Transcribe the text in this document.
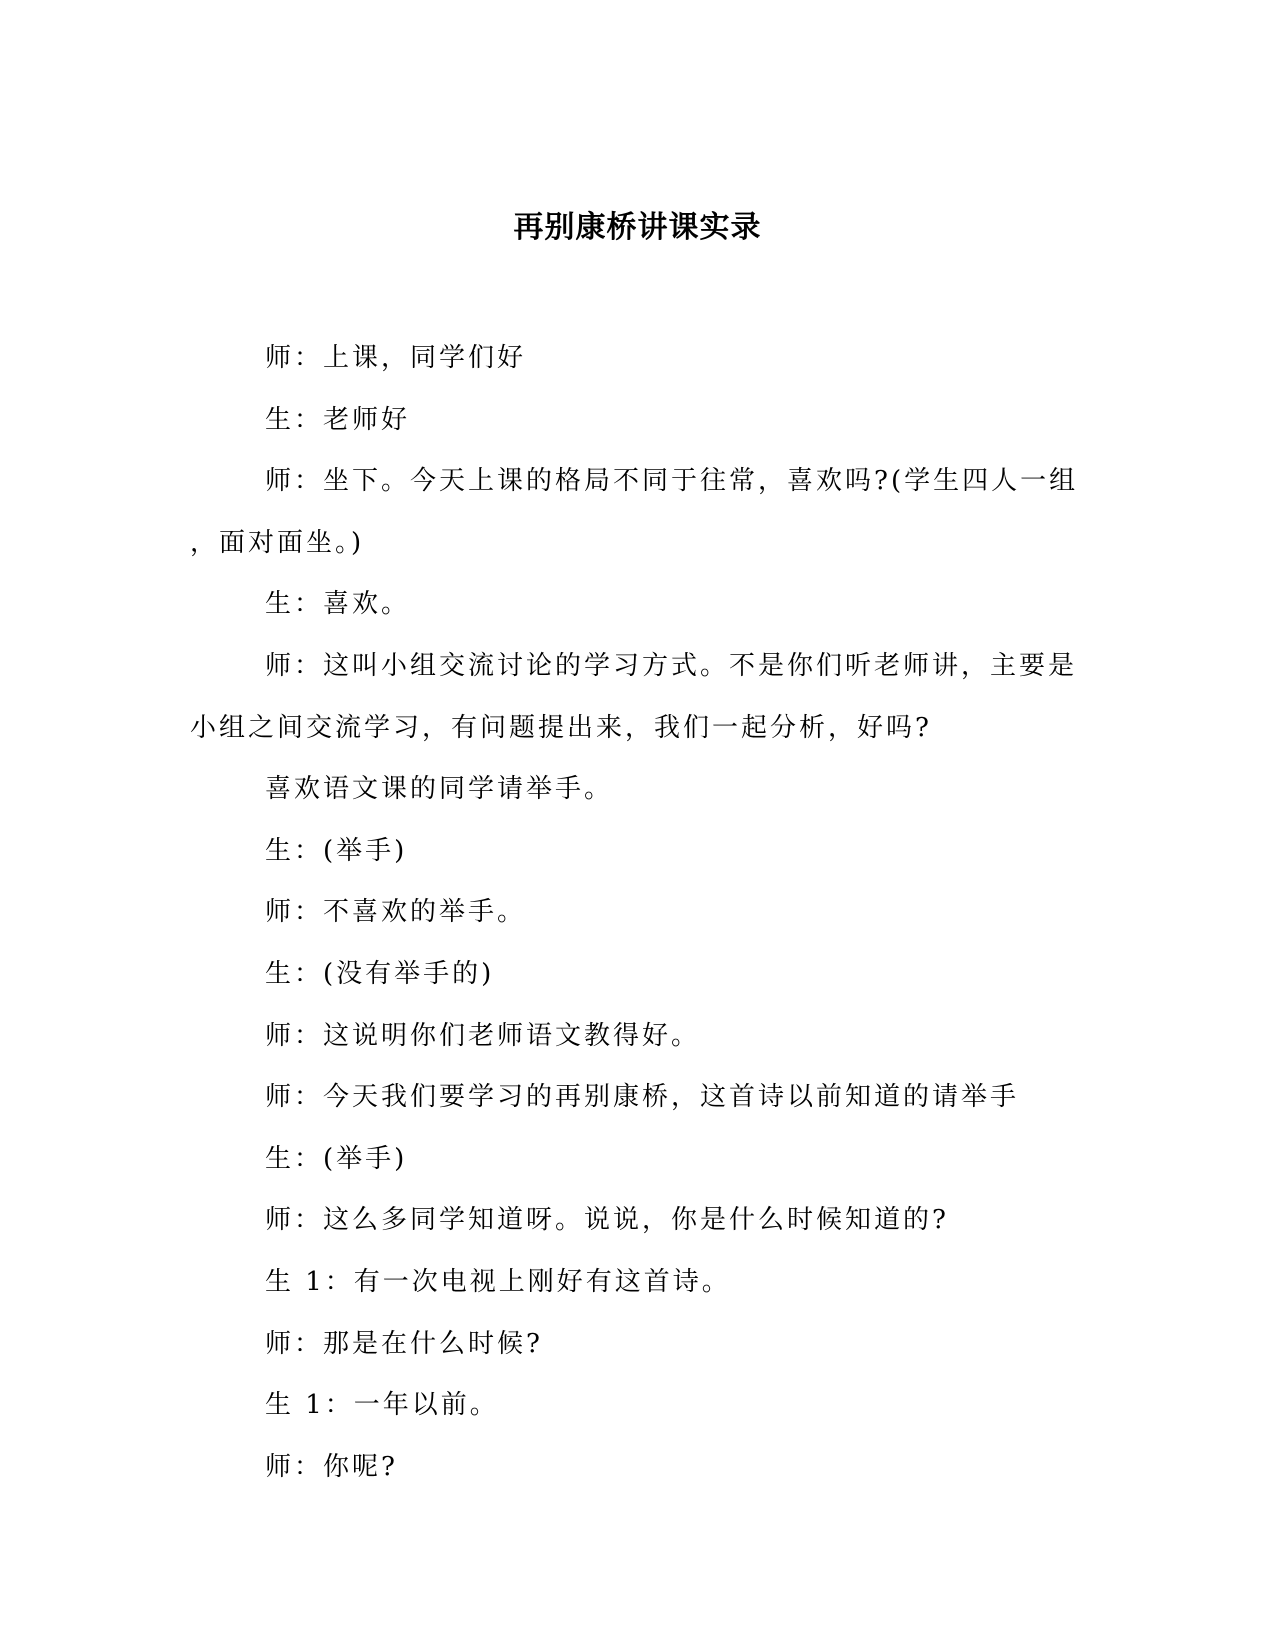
再别康桥讲课实录

师：上课，同学们好

生：老师好

师：坐下。今天上课的格局不同于往常，喜欢吗?(学生四人一组

，面对面坐。)

生：喜欢。

师：这叫小组交流讨论的学习方式。不是你们听老师讲，主要是

小组之间交流学习，有问题提出来，我们一起分析，好吗?

喜欢语文课的同学请举手。

生：(举手)

师：不喜欢的举手。

生：(没有举手的)

师：这说明你们老师语文教得好。

师：今天我们要学习的再别康桥，这首诗以前知道的请举手

生：(举手)

师：这么多同学知道呀。说说，你是什么时候知道的?

生 1：有一次电视上刚好有这首诗。

师：那是在什么时候?

生 1：一年以前。

师：你呢?
